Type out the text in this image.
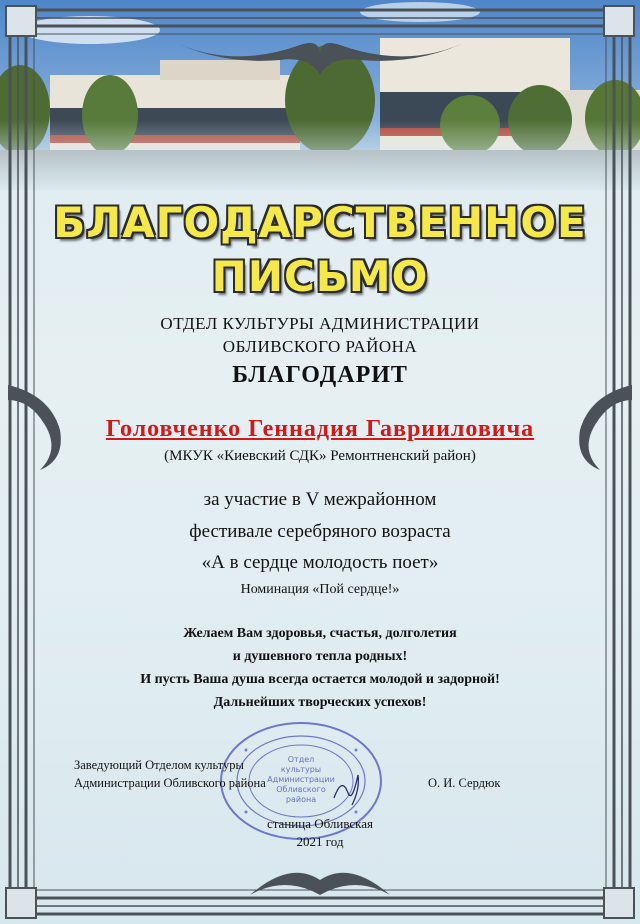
БЛАГОДАРСТВЕННОЕ
ПИСЬМО
ОТДЕЛ КУЛЬТУРЫ АДМИНИСТРАЦИИ
ОБЛИВСКОГО РАЙОНА
БЛАГОДАРИТ
Головченко Геннадия Гаврииловича
(МКУК «Киевский СДК» Ремонтненский район)
за участие в V межрайонном
фестивале серебряного возраста
«А в сердце молодость поет»
Номинация «Пой сердце!»
Желаем Вам здоровья, счастья, долголетия
и душевного тепла родных!
И пусть Ваша душа всегда остается молодой и задорной!
Дальнейших творческих успехов!
Отдел
культуры
Администрации
Обливского
района
Заведующий Отделом культуры
Администрации Обливского района	О. И. Сердюк
станица Обливская
2021 год
